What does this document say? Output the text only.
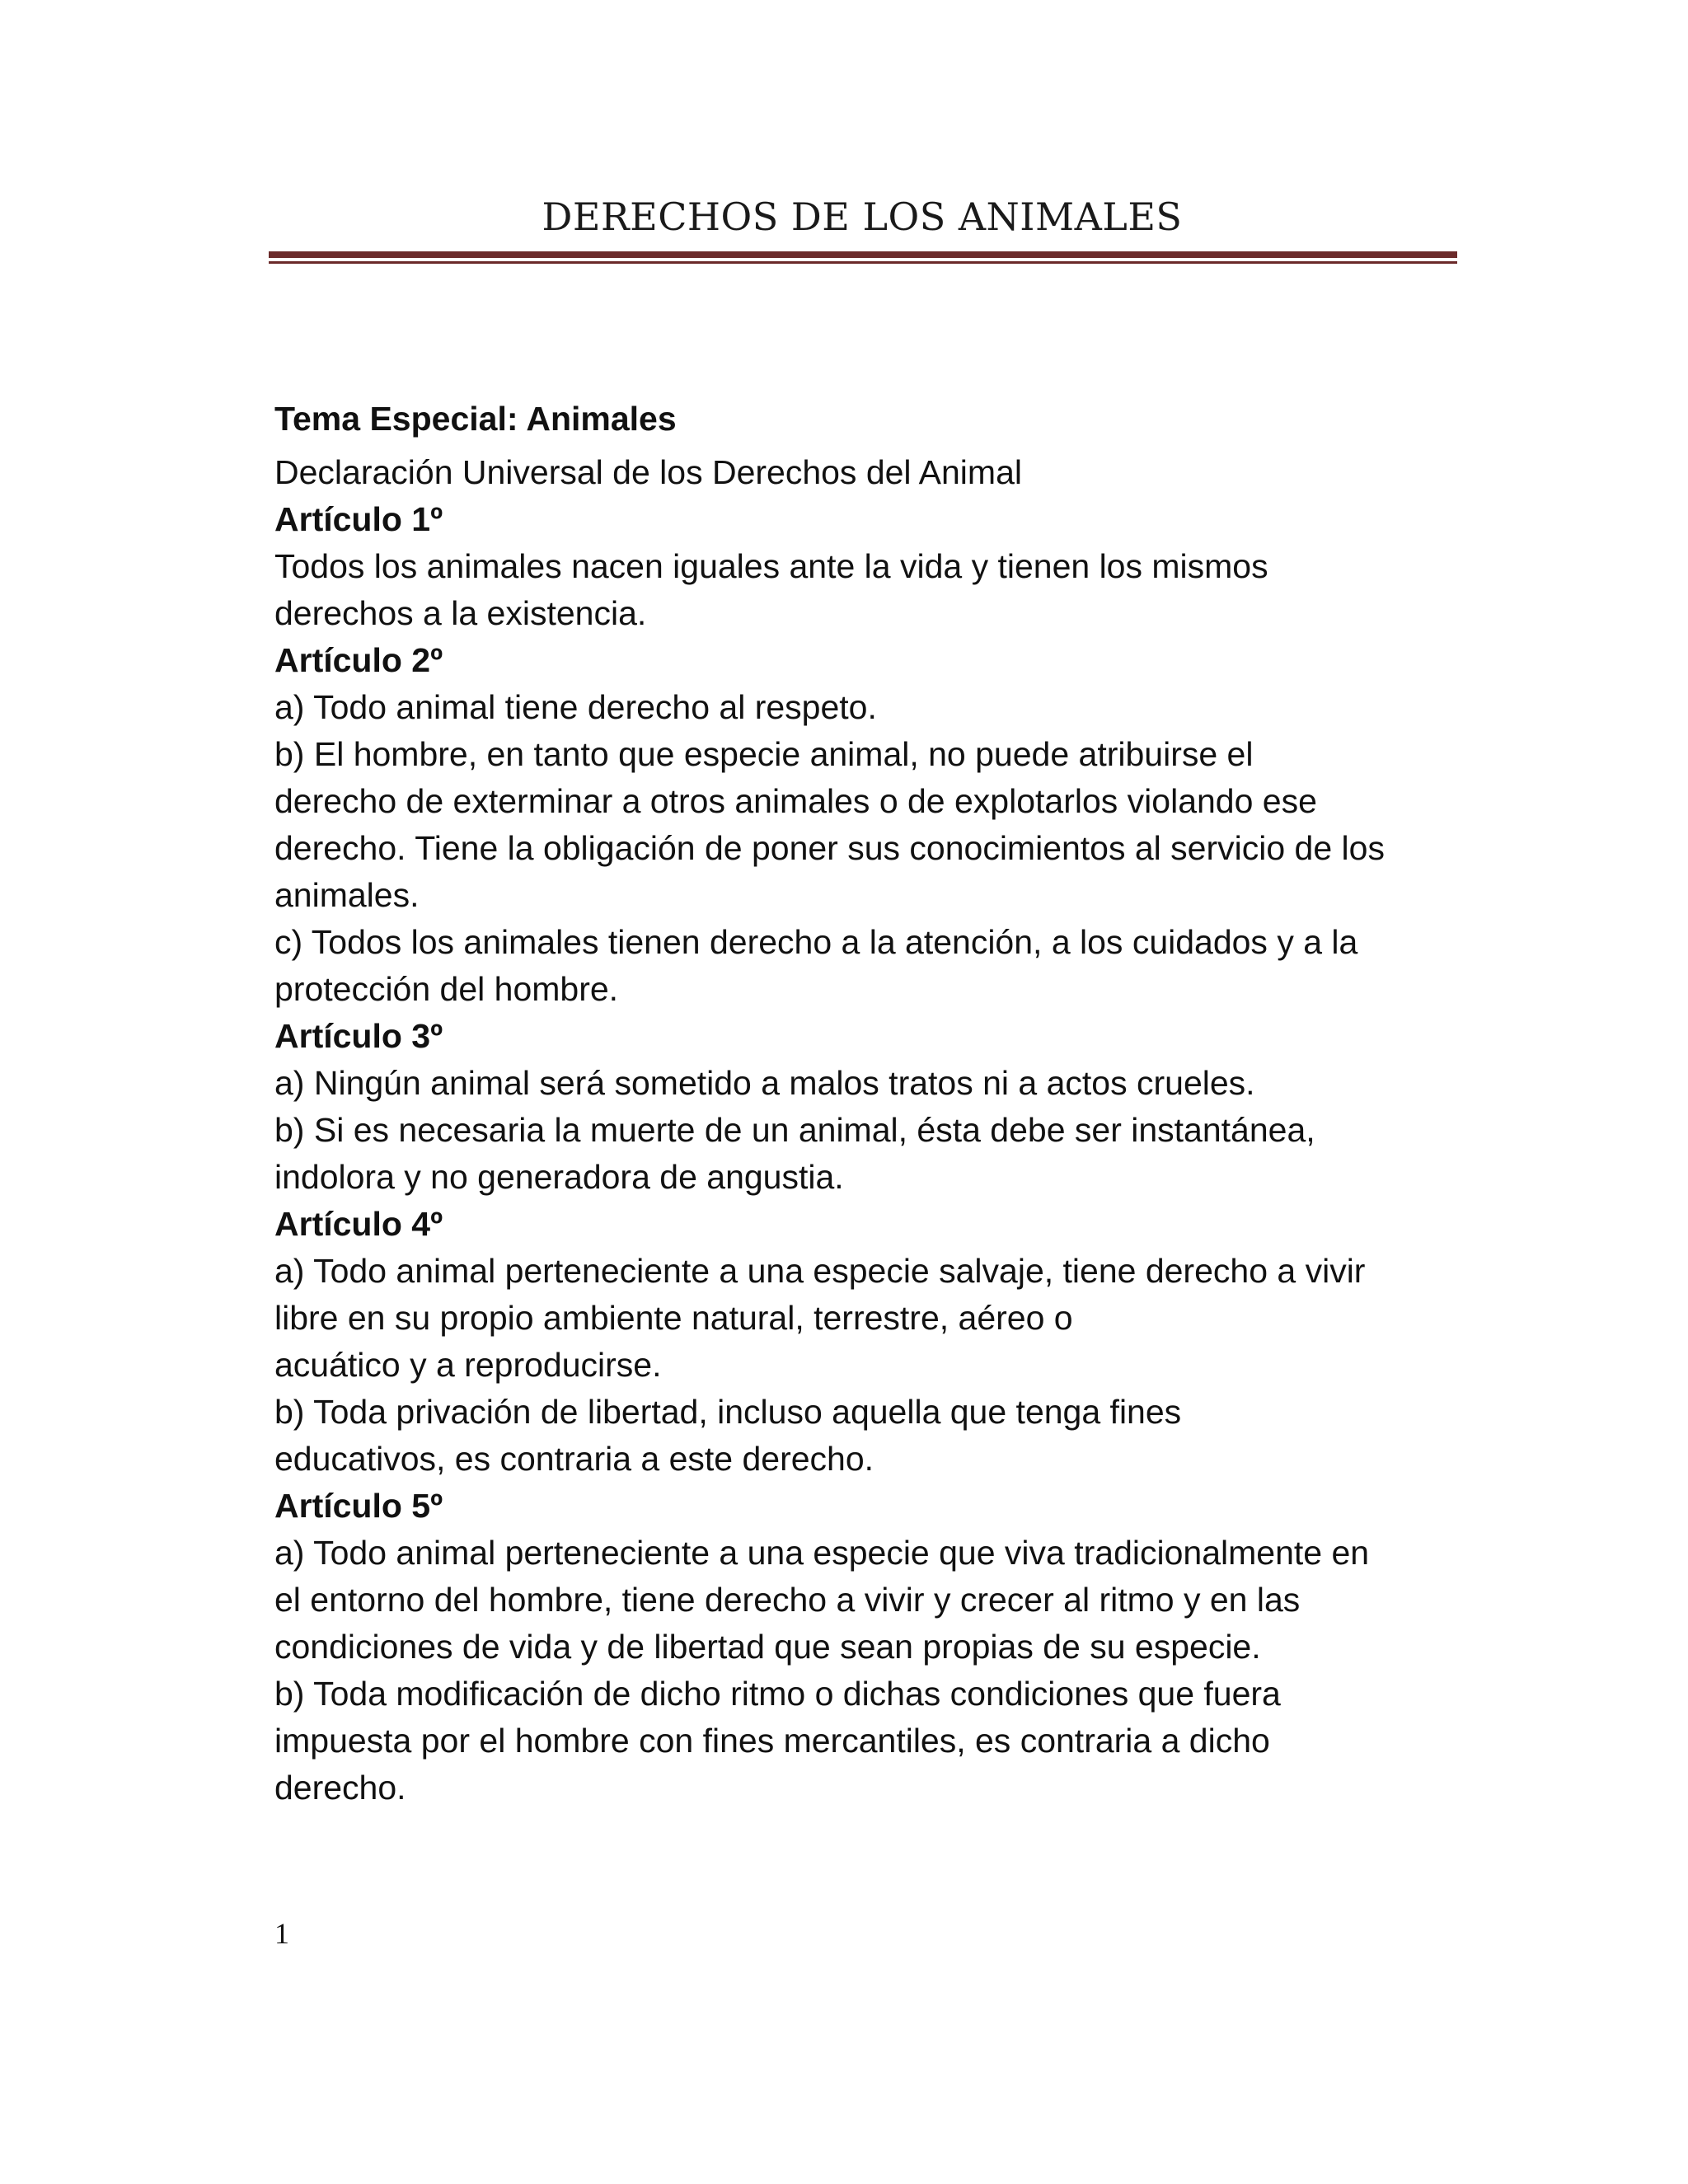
DERECHOS DE LOS ANIMALES
Tema Especial: Animales
Declaración Universal de los Derechos del Animal
Artículo 1º
Todos los animales nacen iguales ante la vida y tienen los mismos
derechos a la existencia.
Artículo 2º
a) Todo animal tiene derecho al respeto.
b) El hombre, en tanto que especie animal, no puede atribuirse el
derecho de exterminar a otros animales o de explotarlos violando ese
derecho. Tiene la obligación de poner sus conocimientos al servicio de los
animales.
c) Todos los animales tienen derecho a la atención, a los cuidados y a la
protección del hombre.
Artículo 3º
a) Ningún animal será sometido a malos tratos ni a actos crueles.
b) Si es necesaria la muerte de un animal, ésta debe ser instantánea,
indolora y no generadora de angustia.
Artículo 4º
a) Todo animal perteneciente a una especie salvaje, tiene derecho a vivir
libre en su propio ambiente natural, terrestre, aéreo o
acuático y a reproducirse.
b) Toda privación de libertad, incluso aquella que tenga fines
educativos, es contraria a este derecho.
Artículo 5º
a) Todo animal perteneciente a una especie que viva tradicionalmente en
el entorno del hombre, tiene derecho a vivir y crecer al ritmo y en las
condiciones de vida y de libertad que sean propias de su especie.
b) Toda modificación de dicho ritmo o dichas condiciones que fuera
impuesta por el hombre con fines mercantiles, es contraria a dicho
derecho.
1
